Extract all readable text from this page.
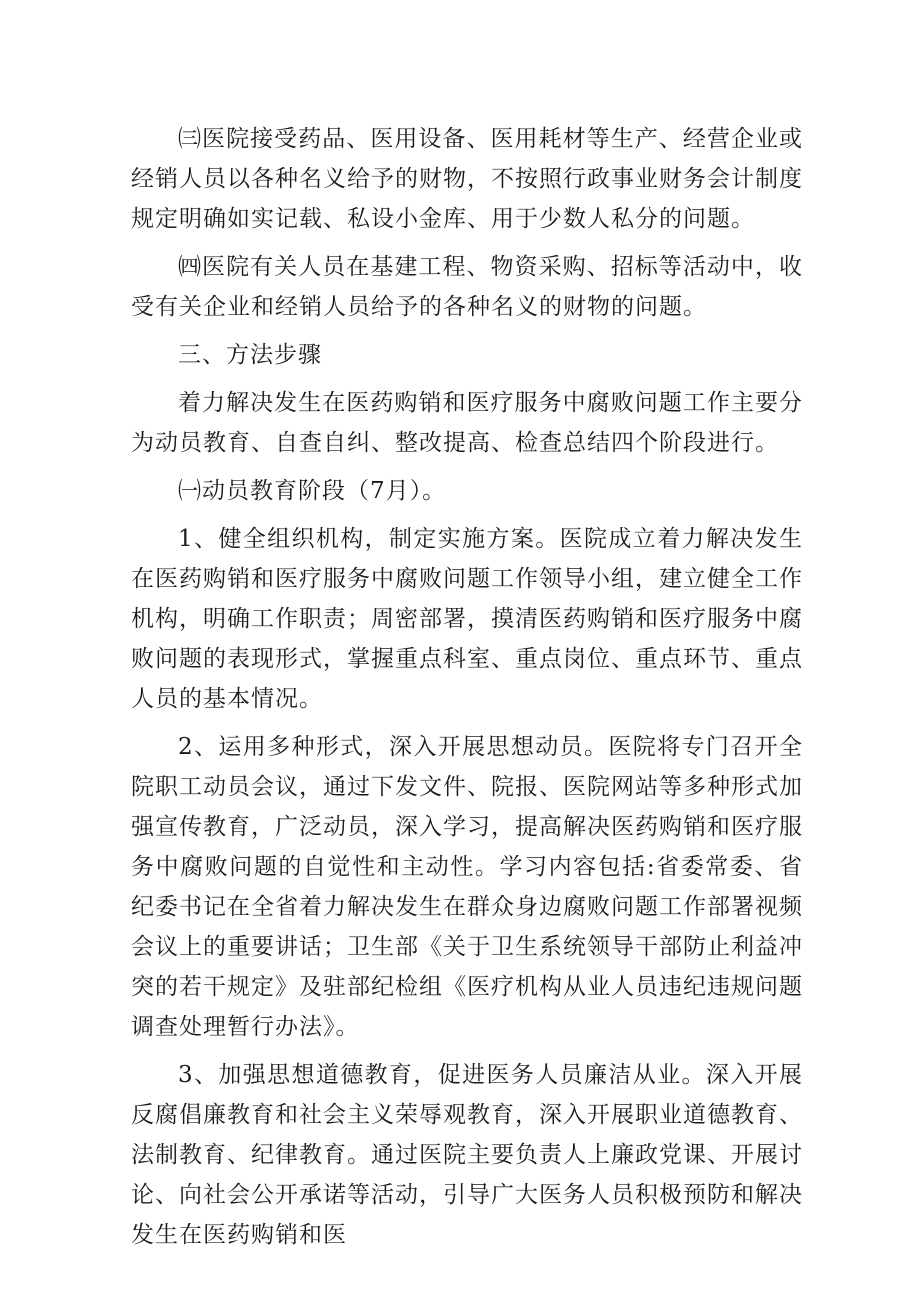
㈢医院接受药品、医用设备、医用耗材等生产、经营企业或经销人员以各种名义给予的财物，不按照行政事业财务会计制度规定明确如实记载、私设小金库、用于少数人私分的问题。

㈣医院有关人员在基建工程、物资采购、招标等活动中，收受有关企业和经销人员给予的各种名义的财物的问题。

三、方法步骤

着力解决发生在医药购销和医疗服务中腐败问题工作主要分为动员教育、自查自纠、整改提高、检查总结四个阶段进行。

㈠动员教育阶段（7月）。

1、健全组织机构，制定实施方案。医院成立着力解决发生在医药购销和医疗服务中腐败问题工作领导小组，建立健全工作机构，明确工作职责；周密部署，摸清医药购销和医疗服务中腐败问题的表现形式，掌握重点科室、重点岗位、重点环节、重点人员的基本情况。

2、运用多种形式，深入开展思想动员。医院将专门召开全院职工动员会议，通过下发文件、院报、医院网站等多种形式加强宣传教育，广泛动员，深入学习，提高解决医药购销和医疗服务中腐败问题的自觉性和主动性。学习内容包括:省委常委、省纪委书记在全省着力解决发生在群众身边腐败问题工作部署视频会议上的重要讲话；卫生部《关于卫生系统领导干部防止利益冲突的若干规定》及驻部纪检组《医疗机构从业人员违纪违规问题调查处理暂行办法》。

3、加强思想道德教育，促进医务人员廉洁从业。深入开展反腐倡廉教育和社会主义荣辱观教育，深入开展职业道德教育、法制教育、纪律教育。通过医院主要负责人上廉政党课、开展讨论、向社会公开承诺等活动，引导广大医务人员积极预防和解决发生在医药购销和医
